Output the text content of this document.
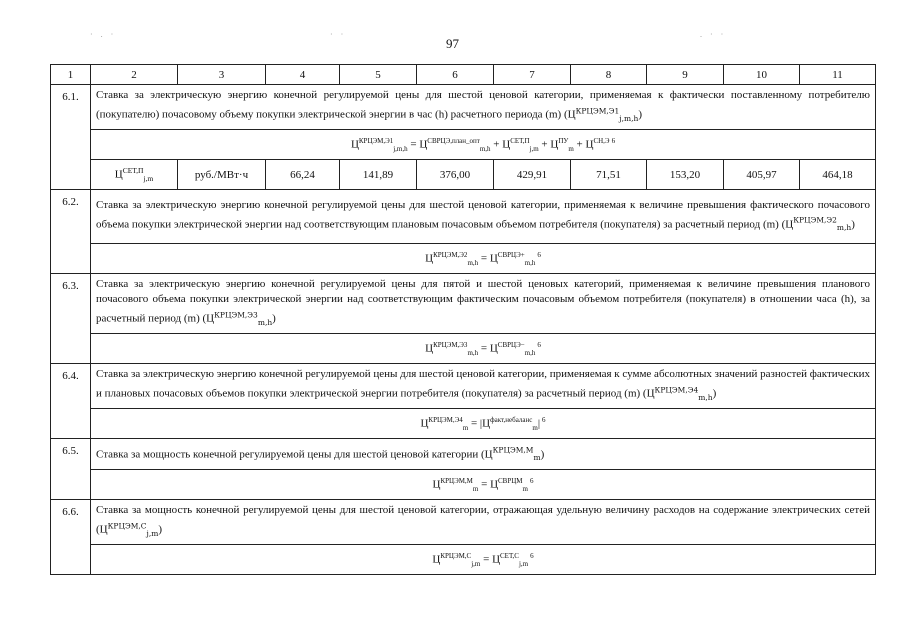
· . ·	· ·	. · ·
97
1	2	3	4	5	6	7	8	9	10	11
6.1.	Ставка за электрическую энергию конечной регулируемой цены для шестой ценовой категории, применяемая к фактически поставленному потребителю (покупателю) почасовому объему покупки электрической энергии в час (h) расчетного периода (m) $(Ц^{КРЦЭМ,Э1}_{j,m,h})$									
	$Ц^{КРЦЭМ,Э1}_{j,m,h} = Ц^{СВРЦЭ,план\_опт}_{m,h} + Ц^{СЕТ,П}_{j,m} + Ц^{ПУ}_m + Ц^{СН,Э}$ $^6$
	$Ц^{СЕТ,П}_{j,m}$	руб./МВт·ч	66,24	141,89	376,00	429,91	71,51	153,20	405,97	464,18
6.2.	Ставка за электрическую энергию конечной регулируемой цены для шестой ценовой категории, применяемая к величине превышения фактического почасового объема покупки электрической энергии над соответствующим плановым почасовым объемом потребителя (покупателя) за расчетный период (m) $(Ц^{КРЦЭМ,Э2}_{m,h})$									
	$Ц^{КРЦЭМ,Э2}_{m,h} = Ц^{СВРЦЭ+}_{m,h}^6$
6.3.	Ставка за электрическую энергию конечной регулируемой цены для пятой и шестой ценовых категорий, применяемая к величине превышения планового почасового объема покупки электрической энергии над соответствующим фактическим почасовым объемом потребителя (покупателя) в отношении часа (h), за расчетный период (m) $(Ц^{КРЦЭМ,Э3}_{m,h})$									
	$Ц^{КРЦЭМ,Э3}_{m,h} = Ц^{СВРЦЭ-}_{m,h}^6$
6.4.	Ставка за электрическую энергию конечной регулируемой цены для шестой ценовой категории, применяемая к сумме абсолютных значений разностей фактических и плановых почасовых объемов покупки электрической энергии потребителя (покупателя) за расчетный период (m) $(Ц^{КРЦЭМ,Э4}_{m,h})$									
	$Ц^{КРЦЭМ,Э4}_m = |Ц^{факт,небаланс}_m|$ $^6$
6.5.	Ставка за мощность конечной регулируемой цены для шестой ценовой категории $(Ц^{КРЦЭМ,М}_m)$									
	$Ц^{КРЦЭМ,М}_m = Ц^{СВРЦМ}_m^6$
6.6.	Ставка за мощность конечной регулируемой цены для шестой ценовой категории, отражающая удельную величину расходов на содержание электрических сетей $(Ц^{КРЦЭМ,С}_{j,m})$									
	$Ц^{КРЦЭМ,С}_{j,m} = Ц^{СЕТ,С}_{j,m}^6$
